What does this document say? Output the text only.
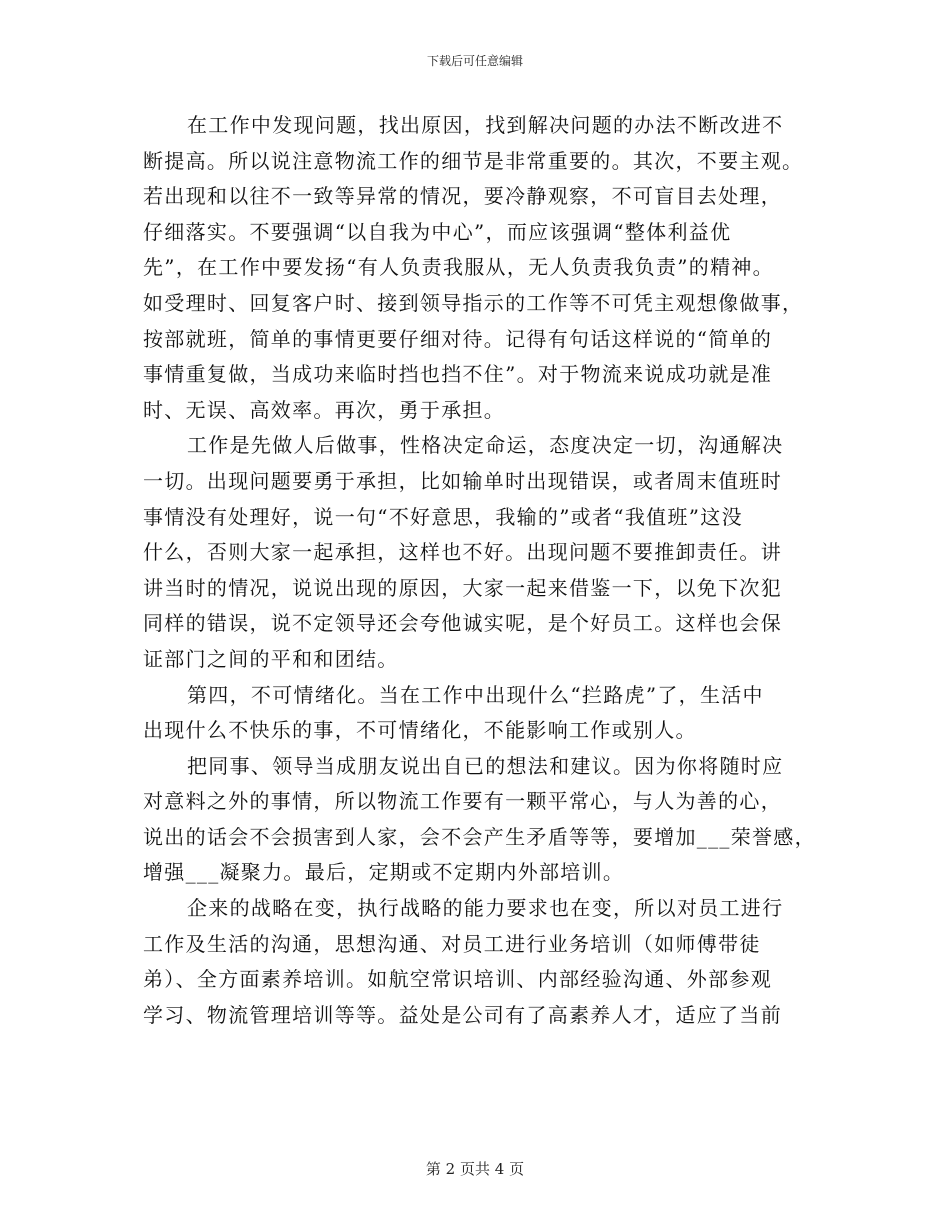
下载后可任意编辑
在工作中发现问题，找出原因，找到解决问题的办法不断改进不
断提高。所以说注意物流工作的细节是非常重要的。其次，不要主观。
若出现和以往不一致等异常的情况，要冷静观察，不可盲目去处理，
仔细落实。不要强调“以自我为中心”，而应该强调“整体利益优
先”，在工作中要发扬“有人负责我服从，无人负责我负责”的精神。
如受理时、回复客户时、接到领导指示的工作等不可凭主观想像做事，
按部就班，简单的事情更要仔细对待。记得有句话这样说的“简单的
事情重复做，当成功来临时挡也挡不住”。对于物流来说成功就是准
时、无误、高效率。再次，勇于承担。
工作是先做人后做事，性格决定命运，态度决定一切，沟通解决
一切。出现问题要勇于承担，比如输单时出现错误，或者周末值班时
事情没有处理好，说一句“不好意思，我输的”或者“我值班”这没
什么，否则大家一起承担，这样也不好。出现问题不要推卸责任。讲
讲当时的情况，说说出现的原因，大家一起来借鉴一下，以免下次犯
同样的错误，说不定领导还会夸他诚实呢，是个好员工。这样也会保
证部门之间的平和和团结。
第四，不可情绪化。当在工作中出现什么“拦路虎”了，生活中
出现什么不快乐的事，不可情绪化，不能影响工作或别人。
把同事、领导当成朋友说出自已的想法和建议。因为你将随时应
对意料之外的事情，所以物流工作要有一颗平常心，与人为善的心，
说出的话会不会损害到人家，会不会产生矛盾等等，要增加___荣誉感，
增强___凝聚力。最后，定期或不定期内外部培训。
企来的战略在变，执行战略的能力要求也在变，所以对员工进行
工作及生活的沟通，思想沟通、对员工进行业务培训（如师傅带徒
弟）、全方面素养培训。如航空常识培训、内部经验沟通、外部参观
学习、物流管理培训等等。益处是公司有了高素养人才，适应了当前
第 2 页共 4 页
